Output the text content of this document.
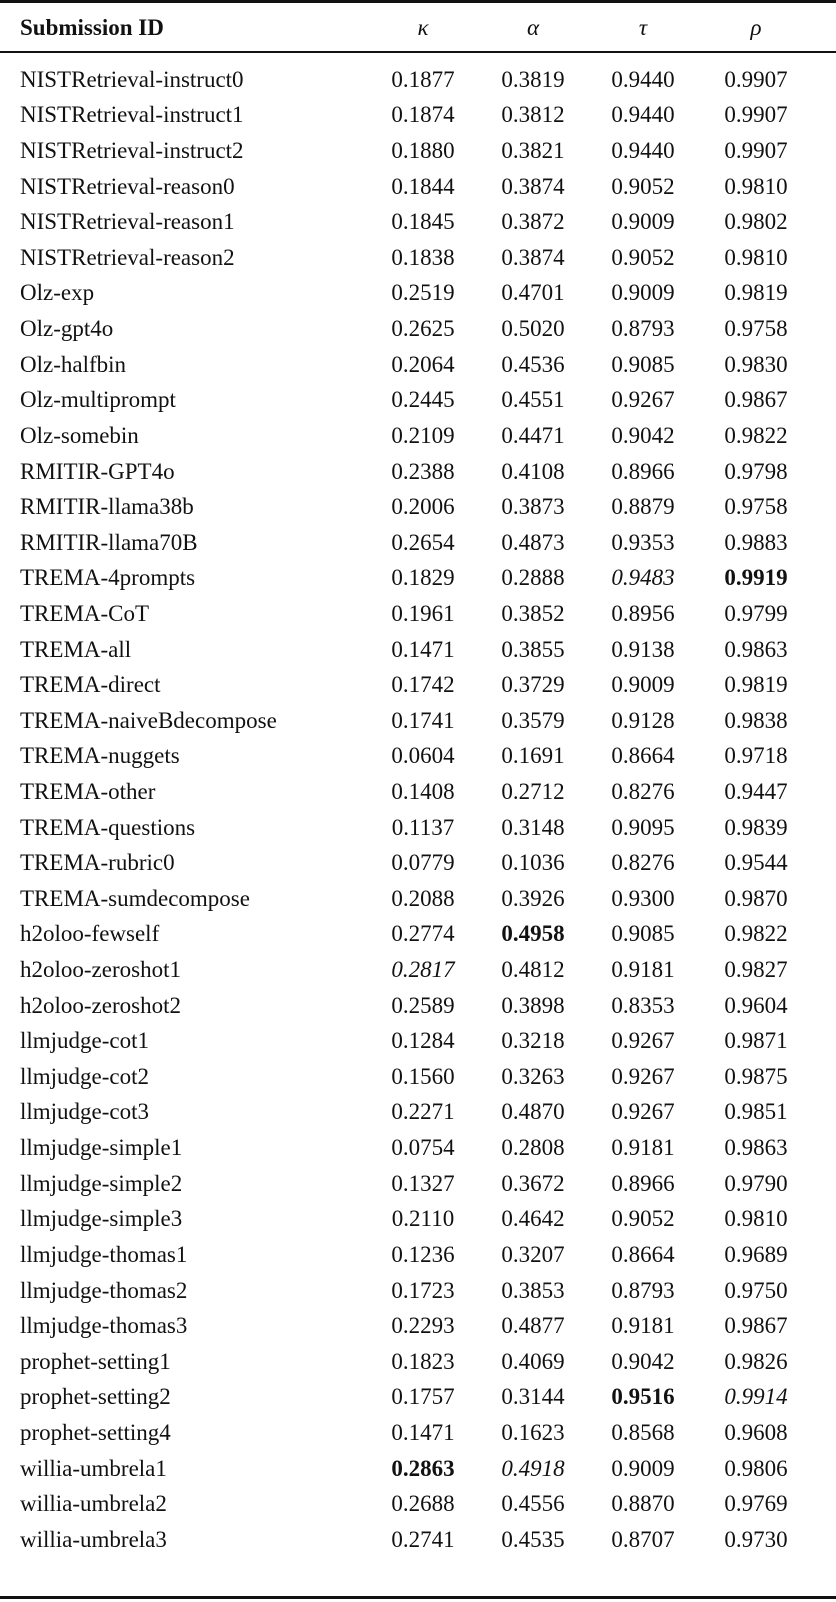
Submission ID	κ	α	τ	ρ
NISTRetrieval-instruct0	0.1877	0.3819	0.9440	0.9907
NISTRetrieval-instruct1	0.1874	0.3812	0.9440	0.9907
NISTRetrieval-instruct2	0.1880	0.3821	0.9440	0.9907
NISTRetrieval-reason0	0.1844	0.3874	0.9052	0.9810
NISTRetrieval-reason1	0.1845	0.3872	0.9009	0.9802
NISTRetrieval-reason2	0.1838	0.3874	0.9052	0.9810
Olz-exp	0.2519	0.4701	0.9009	0.9819
Olz-gpt4o	0.2625	0.5020	0.8793	0.9758
Olz-halfbin	0.2064	0.4536	0.9085	0.9830
Olz-multiprompt	0.2445	0.4551	0.9267	0.9867
Olz-somebin	0.2109	0.4471	0.9042	0.9822
RMITIR-GPT4o	0.2388	0.4108	0.8966	0.9798
RMITIR-llama38b	0.2006	0.3873	0.8879	0.9758
RMITIR-llama70B	0.2654	0.4873	0.9353	0.9883
TREMA-4prompts	0.1829	0.2888	0.9483	0.9919
TREMA-CoT	0.1961	0.3852	0.8956	0.9799
TREMA-all	0.1471	0.3855	0.9138	0.9863
TREMA-direct	0.1742	0.3729	0.9009	0.9819
TREMA-naiveBdecompose	0.1741	0.3579	0.9128	0.9838
TREMA-nuggets	0.0604	0.1691	0.8664	0.9718
TREMA-other	0.1408	0.2712	0.8276	0.9447
TREMA-questions	0.1137	0.3148	0.9095	0.9839
TREMA-rubric0	0.0779	0.1036	0.8276	0.9544
TREMA-sumdecompose	0.2088	0.3926	0.9300	0.9870
h2oloo-fewself	0.2774	0.4958	0.9085	0.9822
h2oloo-zeroshot1	0.2817	0.4812	0.9181	0.9827
h2oloo-zeroshot2	0.2589	0.3898	0.8353	0.9604
llmjudge-cot1	0.1284	0.3218	0.9267	0.9871
llmjudge-cot2	0.1560	0.3263	0.9267	0.9875
llmjudge-cot3	0.2271	0.4870	0.9267	0.9851
llmjudge-simple1	0.0754	0.2808	0.9181	0.9863
llmjudge-simple2	0.1327	0.3672	0.8966	0.9790
llmjudge-simple3	0.2110	0.4642	0.9052	0.9810
llmjudge-thomas1	0.1236	0.3207	0.8664	0.9689
llmjudge-thomas2	0.1723	0.3853	0.8793	0.9750
llmjudge-thomas3	0.2293	0.4877	0.9181	0.9867
prophet-setting1	0.1823	0.4069	0.9042	0.9826
prophet-setting2	0.1757	0.3144	0.9516	0.9914
prophet-setting4	0.1471	0.1623	0.8568	0.9608
willia-umbrela1	0.2863	0.4918	0.9009	0.9806
willia-umbrela2	0.2688	0.4556	0.8870	0.9769
willia-umbrela3	0.2741	0.4535	0.8707	0.9730
